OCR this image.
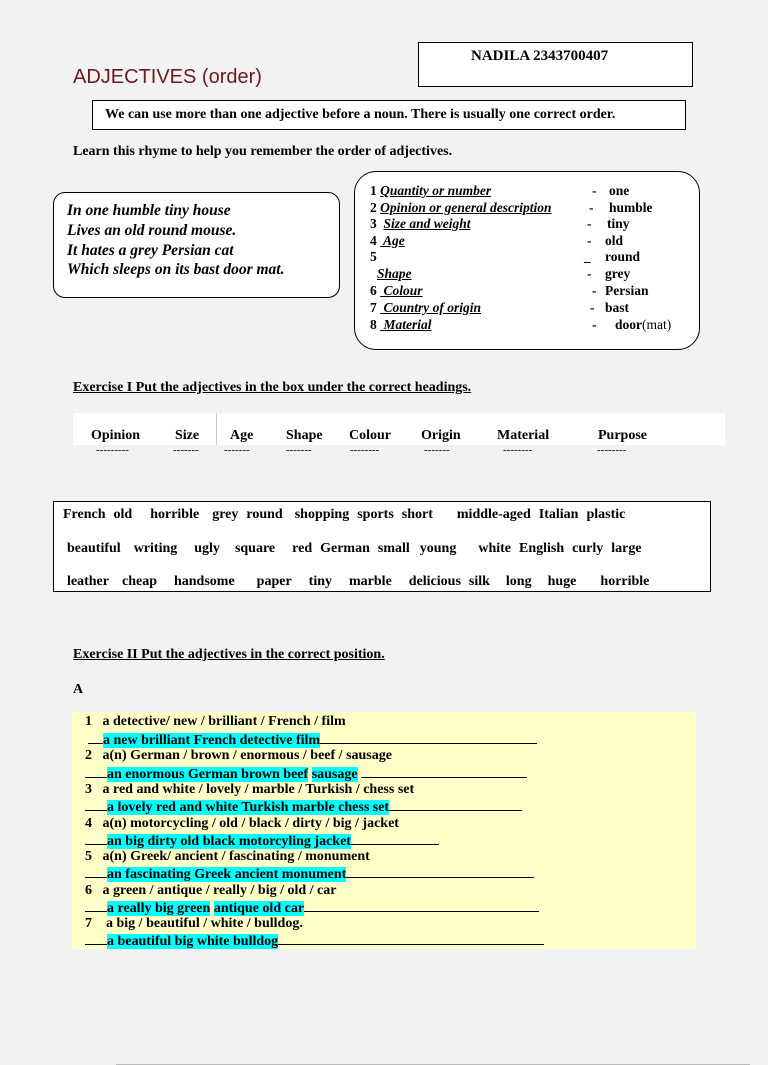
NADILA 2343700407
ADJECTIVES (order)
We can use more than one adjective before a noun. There is usually one correct order.
Learn this rhyme to help you remember the order of adjectives.
In one humble tiny house
Lives an old round mouse.
It hates a grey Persian cat
Which sleeps on its bast door mat.
1 Quantity or number	- one
2 Opinion or general description	- humble
3 Size and weight	- tiny
4  Age	- old
5	_ round
Shape	- grey
6  Colour	- Persian
7  Country of origin	- bast
8  Material	- door(mat)
Exercise I Put the adjectives in the box under the correct headings.
Opinion Size Age Shape Colour Origin	Material	Purpose
---------	------- -------	-------	--------	-------	--------	--------
French old horrible grey round shopping sports short middle-aged Italian plastic
beautiful writing ugly square red German small young white English curly large
leather cheap handsome paper tiny marble delicious silk long huge horrible
Exercise II Put the adjectives in the correct position.
A
1 a detective/ new / brilliant / French / film
a new brilliant French detective film
2 a(n) German / brown / enormous / beef / sausage
an enormous German brown beef sausage
3 a red and white / lovely / marble / Turkish / chess set
a lovely red and white Turkish marble chess set
4 a(n) motorcycling / old / black / dirty / big / jacket
an big dirty old black motorcyling jacket
5 a(n) Greek/ ancient / fascinating / monument
an fascinating Greek ancient monument
6 a green / antique / really / big / old / car
a really big green antique old car
7    a big / beautiful / white / bulldog.
a beautiful big white bulldog
